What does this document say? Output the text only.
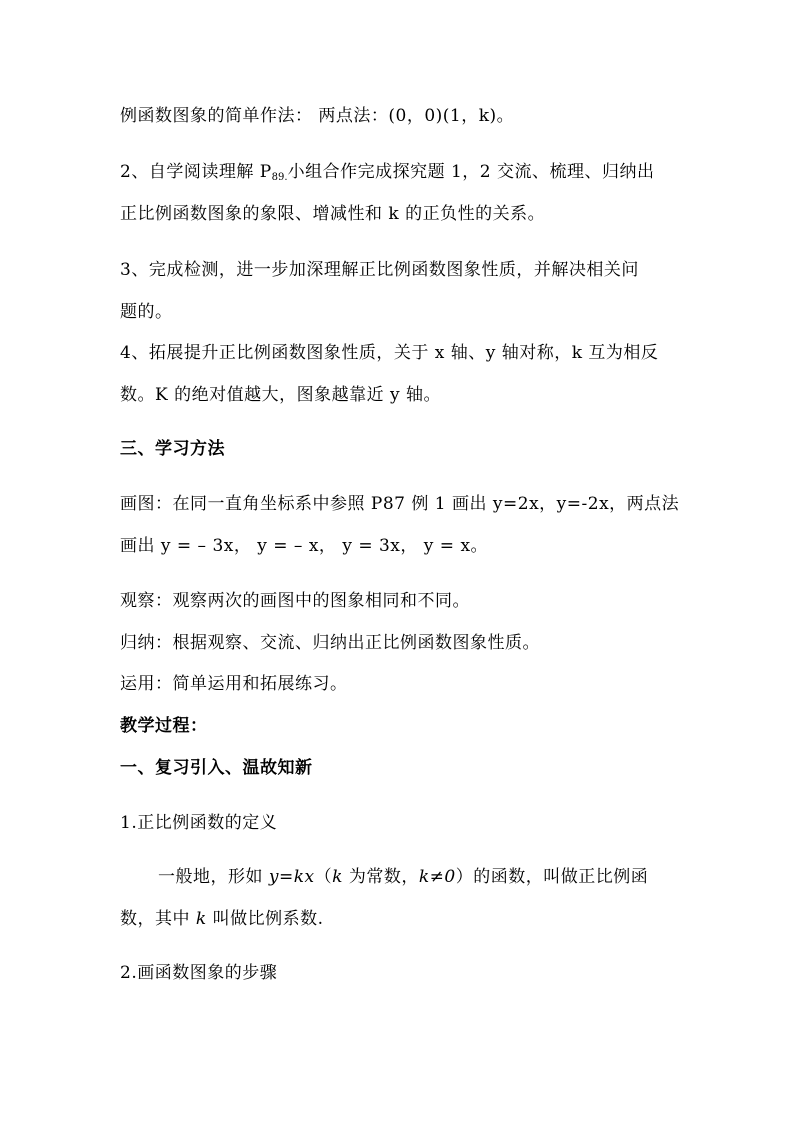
例函数图象的简单作法： 两点法：(0，0)(1，k)。
2、自学阅读理解 $P_{89.}$小组合作完成探究题 1，2 交流、梳理、归纳出
正比例函数图象的象限、增减性和 k 的正负性的关系。
3、完成检测，进一步加深理解正比例函数图象性质，并解决相关问
题的。
4、拓展提升正比例函数图象性质，关于 x 轴、y 轴对称，k 互为相反
数。K 的绝对值越大，图象越靠近 y 轴。
三、学习方法
画图：在同一直角坐标系中参照 P87 例 1 画出 y=2x，y=-2x，两点法
画出 y = – 3x， y = – x， y = 3x， y = x。
观察：观察两次的画图中的图象相同和不同。
归纳：根据观察、交流、归纳出正比例函数图象性质。
运用：简单运用和拓展练习。
教学过程：
一、复习引入、温故知新
1.正比例函数的定义
一般地，形如 y=kx（k 为常数，k≠0）的函数，叫做正比例函
数，其中 k 叫做比例系数.
2.画函数图象的步骤
